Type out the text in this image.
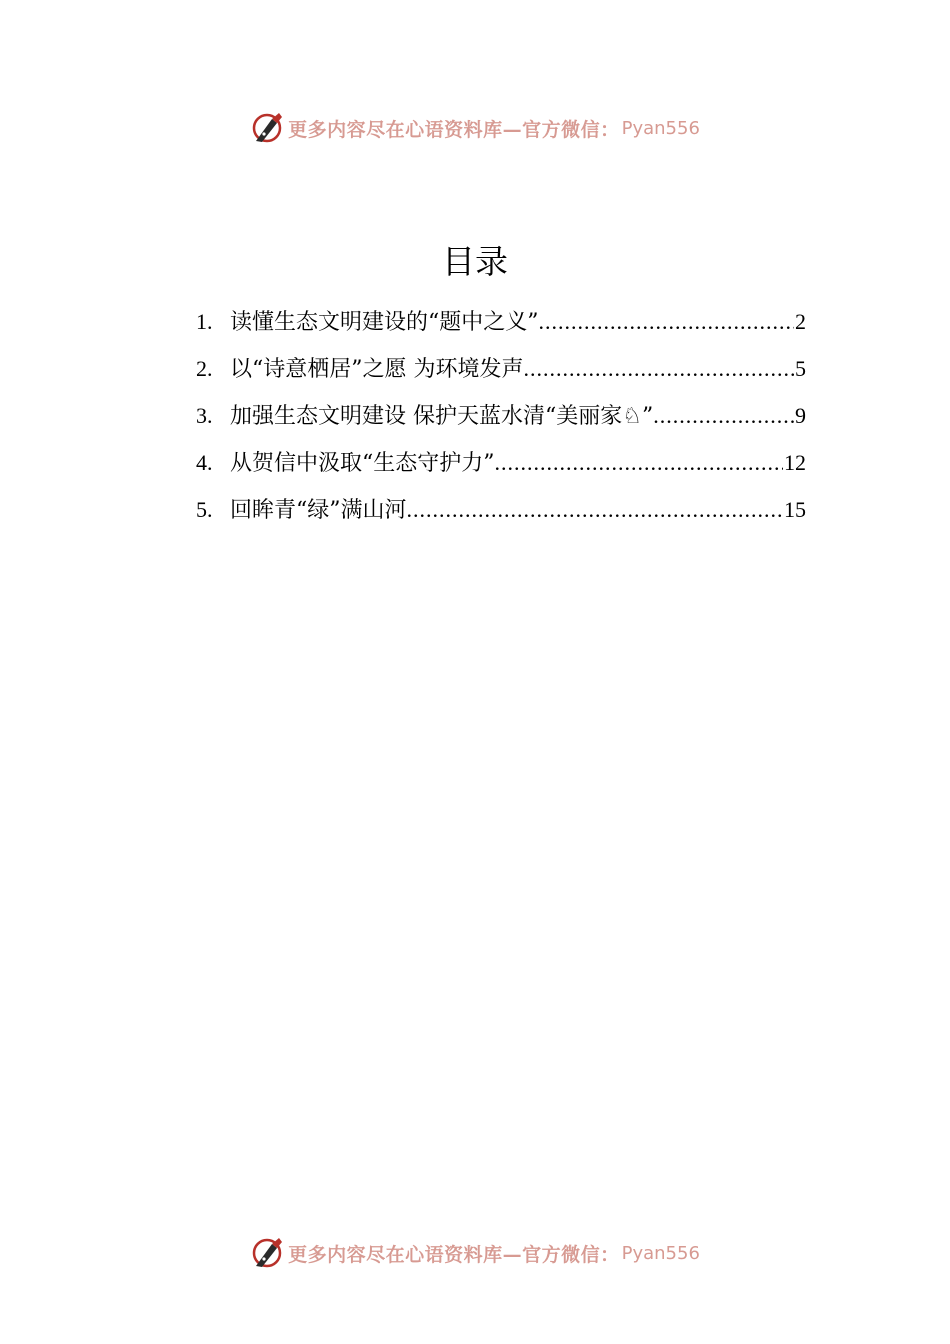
更多内容尽在心语资料库—官方微信： Pyan556
目录
1. 读懂生态文明建设的“题中之义” .....	2
2. 以“诗意栖居”之愿 为环境发声 .....	5
3. 加强生态文明建设 保护天蓝水清“美丽家♘” .....	9
4. 从贺信中汲取“生态守护力” .....	12
5. 回眸青“绿”满山河 .....	15
更多内容尽在心语资料库—官方微信： Pyan556
